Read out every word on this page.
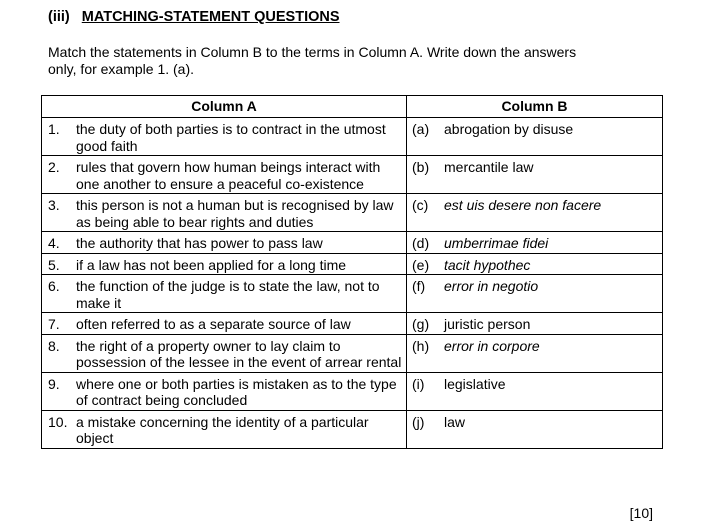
(iii) MATCHING-STATEMENT QUESTIONS
Match the statements in Column B to the terms in Column A. Write down the answers only, for example 1. (a).
Column A	Column B

1. the duty of both parties is to contract in the utmost good faith	(a) abrogation by disuse

2. rules that govern how human beings interact with one another to ensure a peaceful co-existence	(b) mercantile law

3. this person is not a human but is recognised by law as being able to bear rights and duties	(c) est uis desere non facere

4. the authority that has power to pass law	(d) umberrimae fidei

5. if a law has not been applied for a long time	(e) tacit hypothec

6. the function of the judge is to state the law, not to make it	(f) error in negotio

7. often referred to as a separate source of law	(g) juristic person

8. the right of a property owner to lay claim to possession of the lessee in the event of arrear rental	(h) error in corpore

9. where one or both parties is mistaken as to the type of contract being concluded	(i) legislative

10. a mistake concerning the identity of a particular object	(j) law
[10]
